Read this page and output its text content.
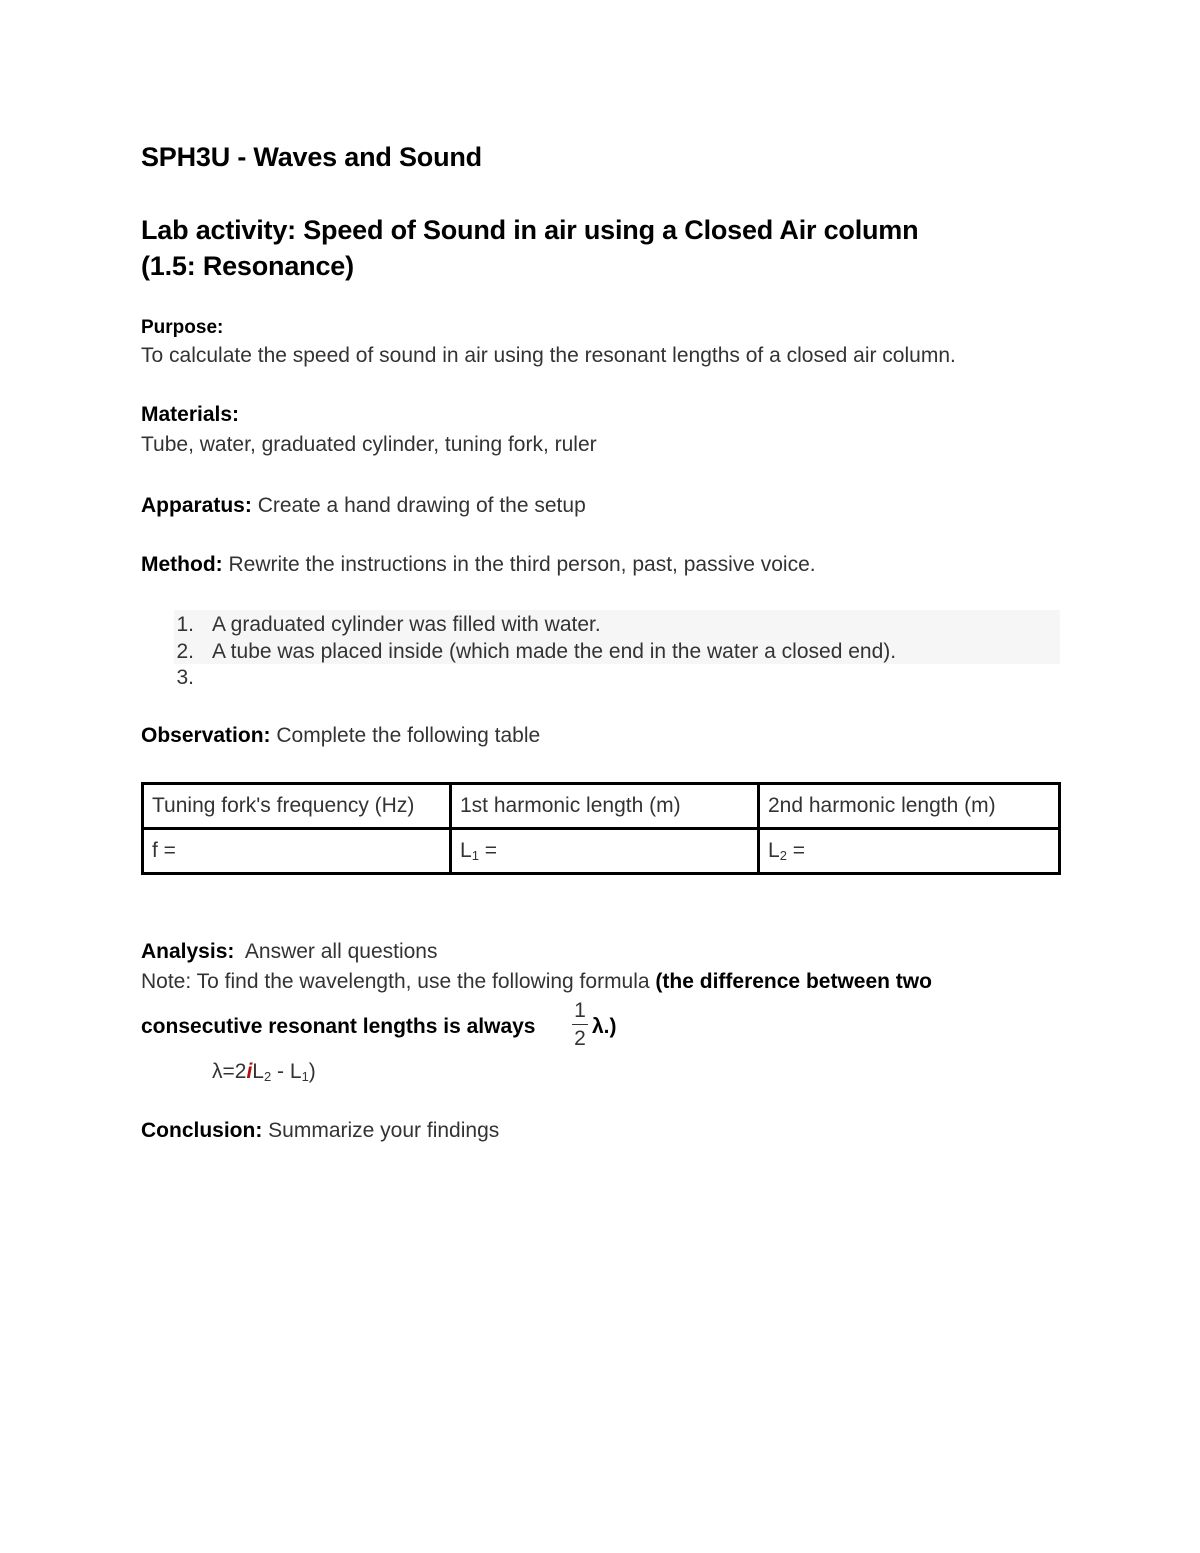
SPH3U - Waves and Sound
Lab activity: Speed of Sound in air using a Closed Air column
(1.5: Resonance)
Purpose:
To calculate the speed of sound in air using the resonant lengths of a closed air column.
Materials:
Tube, water, graduated cylinder, tuning fork, ruler
Apparatus: Create a hand drawing of the setup
Method: Rewrite the instructions in the third person, past, passive voice.
1. A graduated cylinder was filled with water.
2. A tube was placed inside (which made the end in the water a closed end).
3.
Observation: Complete the following table
Tuning fork's frequency (Hz)	1st harmonic length (m)	2nd harmonic length (m)
f =	$L_1$ =	$L_2$ =
Analysis:  Answer all questions
Note: To find the wavelength, use the following formula (the difference between two
consecutive resonant lengths is always
1
2
λ.)
$\lambda=2iL_2 - L_1$)
Conclusion: Summarize your findings
